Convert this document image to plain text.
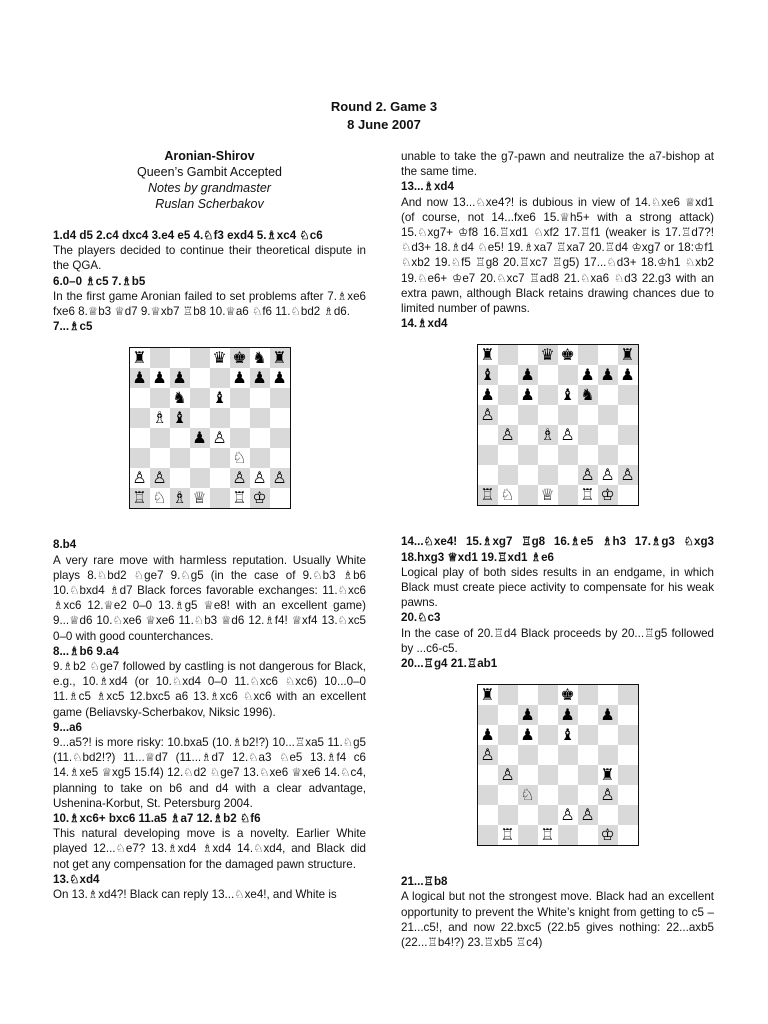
Round 2. Game 3
8 June 2007
Aronian-Shirov
Queen’s Gambit Accepted
Notes by grandmaster
Ruslan Scherbakov

1.d4 d5 2.c4 dxc4 3.e4 e5 4.♘f3 exd4 5.♗xc4 ♘c6

The players decided to continue their theoretical dispute in the QGA.

6.0–0 ♗c5 7.♗b5

In the first game Aronian failed to set problems after 7.♗xe6 fxe6 8.♕b3 ♕d7 9.♕xb7 ♖b8 10.♕a6 ♘f6 11.♘bd2 ♗d6.

7...♗c5

♜	♛ ♚ ♞ ♜
♟ ♟ ♟	♟ ♟ ♟
♞ ♝
♗ ♝
♟ ♙
♘
♙ ♙	♙ ♙ ♙
♖ ♘ ♗ ♕ ♖ ♔

8.b4

A very rare move with harmless reputation. Usually White plays 8.♘bd2 ♘ge7 9.♘g5 (in the case of 9.♘b3 ♗b6 10.♘bxd4 ♗d7 Black forces favorable exchanges: 11.♘xc6 ♗xc6 12.♕e2 0–0 13.♗g5 ♕e8! with an excellent game) 9...♕d6 10.♘xe6 ♕xe6 11.♘b3 ♕d6 12.♗f4! ♕xf4 13.♘xc5 0–0 with good counterchances.

8...♗b6 9.a4

9.♗b2 ♘ge7 followed by castling is not dangerous for Black, e.g., 10.♗xd4 (or 10.♘xd4 0–0 11.♘xc6 ♘xc6) 10...0–0 11.♗c5 ♗xc5 12.bxc5 a6 13.♗xc6 ♘xc6 with an excellent game (Beliavsky-Scherbakov, Niksic 1996).

9...a6

9...a5?! is more risky: 10.bxa5 (10.♗b2!?) 10...♖xa5 11.♘g5 (11.♘bd2!?) 11...♕d7 (11...♗d7 12.♘a3 ♘e5 13.♗f4 c6 14.♗xe5 ♕xg5 15.f4) 12.♘d2 ♘ge7 13.♘xe6 ♕xe6 14.♘c4, planning to take on b6 and d4 with a clear advantage, Ushenina-Korbut, St. Petersburg 2004.

10.♗xc6+ bxc6 11.a5 ♗a7 12.♗b2 ♘f6

This natural developing move is a novelty. Earlier White played 12...♘e7? 13.♗xd4 ♗xd4 14.♘xd4, and Black did not get any compensation for the damaged pawn structure.

13.♘xd4

On 13.♗xd4?! Black can reply 13...♘xe4!, and White is

unable to take the g7-pawn and neutralize the a7-bishop at the same time.

13...♗xd4

And now 13...♘xe4?! is dubious in view of 14.♘xe6 ♕xd1 (of course, not 14...fxe6 15.♕h5+ with a strong attack) 15.♘xg7+ ♔f8 16.♖xd1 ♘xf2 17.♖f1 (weaker is 17.♖d7?! ♘d3+ 18.♗d4 ♘e5! 19.♗xa7 ♖xa7 20.♖d4 ♔xg7 or 18:♔f1 ♘xb2 19.♘f5 ♖g8 20.♖xc7 ♖g5) 17...♘d3+ 18.♔h1 ♘xb2 19.♘e6+ ♔e7 20.♘xc7 ♖ad8 21.♘xa6 ♘d3 22.g3 with an extra pawn, although Black retains drawing chances due to limited number of pawns.

14.♗xd4

♜	♛ ♚	♜
♝ ♟	♟ ♟ ♟
♟ ♟ ♝ ♞
♙
♙ ♗ ♙
♙ ♙ ♙
♖ ♘ ♕ ♖ ♔

14...♘xe4! 15.♗xg7 ♖g8 16.♗e5 ♗h3 17.♗g3 ♘xg3 18.hxg3 ♕xd1 19.♖xd1 ♗e6

Logical play of both sides results in an endgame, in which Black must create piece activity to compensate for his weak pawns.

20.♘c3

In the case of 20.♖d4 Black proceeds by 20...♖g5 followed by ...c6-c5.

20...♖g4 21.♖ab1

♜	♚
♟ ♟ ♟
♟ ♟ ♝
♙
♙	♜
♘	♙
♙ ♙
♖ ♖	♔

21...♖b8

A logical but not the strongest move. Black had an excellent opportunity to prevent the White’s knight from getting to c5 – 21...c5!, and now 22.bxc5 (22.b5 gives nothing: 22...axb5 (22...♖b4!?) 23.♖xb5 ♖c4)
